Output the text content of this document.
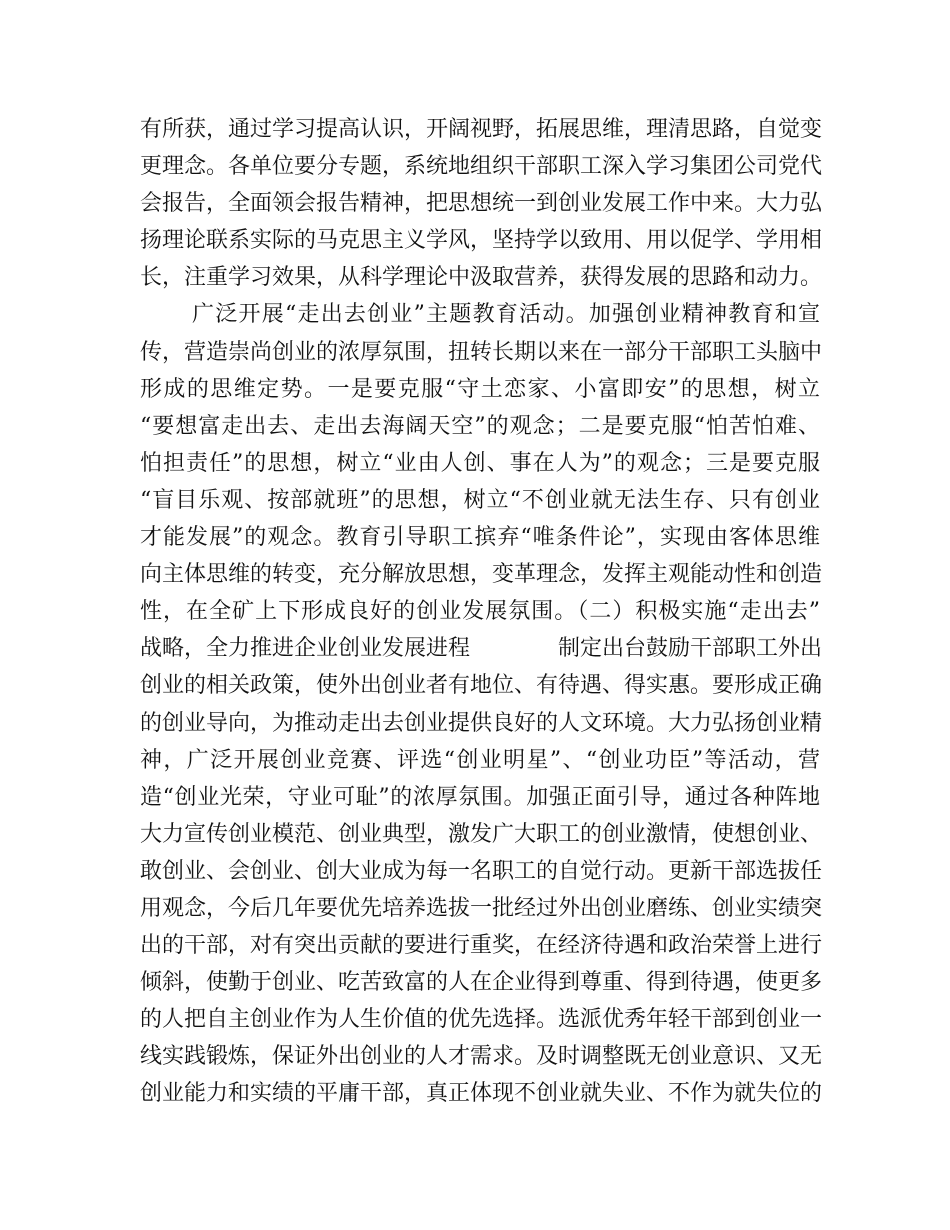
有所获，通过学习提高认识，开阔视野，拓展思维，理清思路，自觉变
更理念。各单位要分专题，系统地组织干部职工深入学习集团公司党代
会报告，全面领会报告精神，把思想统一到创业发展工作中来。大力弘
扬理论联系实际的马克思主义学风，坚持学以致用、用以促学、学用相
长，注重学习效果，从科学理论中汲取营养，获得发展的思路和动力。
广泛开展“走出去创业”主题教育活动。加强创业精神教育和宣
传，营造崇尚创业的浓厚氛围，扭转长期以来在一部分干部职工头脑中
形成的思维定势。一是要克服“守土恋家、小富即安”的思想，树立
“要想富走出去、走出去海阔天空”的观念；二是要克服“怕苦怕难、
怕担责任”的思想，树立“业由人创、事在人为”的观念；三是要克服
“盲目乐观、按部就班”的思想，树立“不创业就无法生存、只有创业
才能发展”的观念。教育引导职工摈弃“唯条件论”，实现由客体思维
向主体思维的转变，充分解放思想，变革理念，发挥主观能动性和创造
性，在全矿上下形成良好的创业发展氛围。（二）积极实施“走出去”
战略，全力推进企业创业发展进程　　　　制定出台鼓励干部职工外出
创业的相关政策，使外出创业者有地位、有待遇、得实惠。要形成正确
的创业导向，为推动走出去创业提供良好的人文环境。大力弘扬创业精
神，广泛开展创业竞赛、评选“创业明星”、“创业功臣”等活动，营
造“创业光荣，守业可耻”的浓厚氛围。加强正面引导，通过各种阵地
大力宣传创业模范、创业典型，激发广大职工的创业激情，使想创业、
敢创业、会创业、创大业成为每一名职工的自觉行动。更新干部选拔任
用观念，今后几年要优先培养选拔一批经过外出创业磨练、创业实绩突
出的干部，对有突出贡献的要进行重奖，在经济待遇和政治荣誉上进行
倾斜，使勤于创业、吃苦致富的人在企业得到尊重、得到待遇，使更多
的人把自主创业作为人生价值的优先选择。选派优秀年轻干部到创业一
线实践锻炼，保证外出创业的人才需求。及时调整既无创业意识、又无
创业能力和实绩的平庸干部，真正体现不创业就失业、不作为就失位的
